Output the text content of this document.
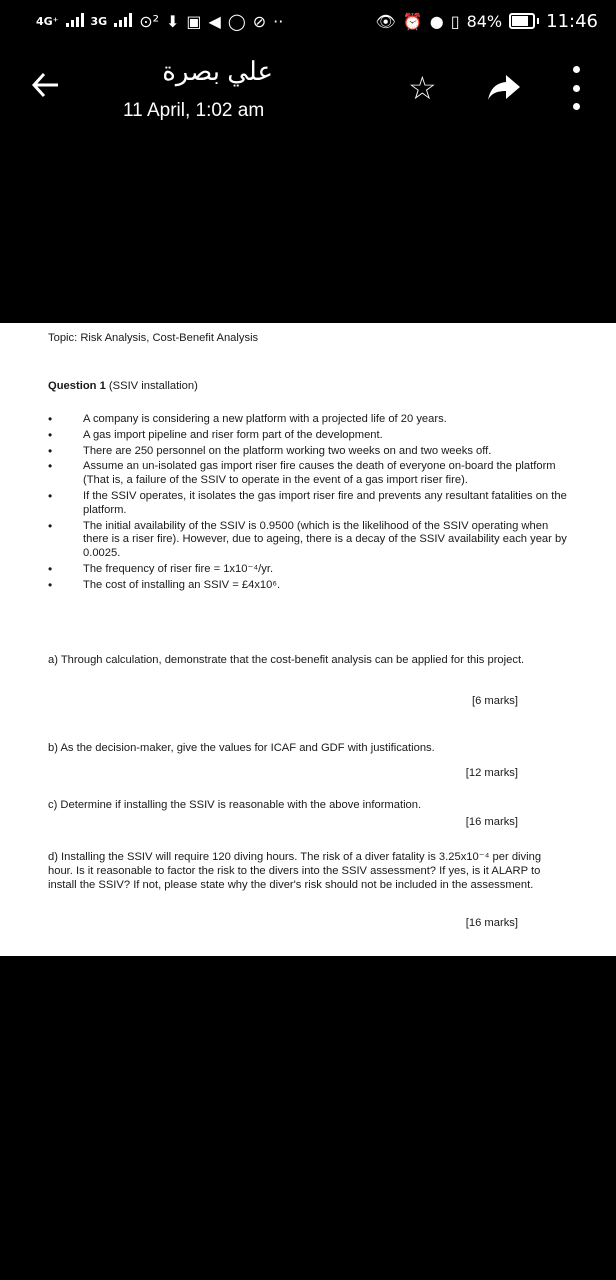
4G⁺	3G ⊙² ⬇ ▣ ◀ ◯ ⊘ ··	👁 ⏰ ● ▯ 84% 11:46
علي بصرة
11 April, 1:02 am
☆
Topic: Risk Analysis, Cost-Benefit Analysis
Question 1 (SSIV installation)
• A company is considering a new platform with a projected life of 20 years.
• A gas import pipeline and riser form part of the development.
• There are 250 personnel on the platform working two weeks on and two weeks off.
• Assume an un-isolated gas import riser fire causes the death of everyone on-board the platform (That is, a failure of the SSIV to operate in the event of a gas import riser fire).
• If the SSIV operates, it isolates the gas import riser fire and prevents any resultant fatalities on the platform.
• The initial availability of the SSIV is 0.9500 (which is the likelihood of the SSIV operating when there is a riser fire). However, due to ageing, there is a decay of the SSIV availability each year by 0.0025.
• The frequency of riser fire = 1x10⁻⁴/yr.
• The cost of installing an SSIV = £4x10⁶.
a) Through calculation, demonstrate that the cost-benefit analysis can be applied for this project.
[6 marks]
b) As the decision-maker, give the values for ICAF and GDF with justifications.
[12 marks]
c) Determine if installing the SSIV is reasonable with the above information.
[16 marks]
d) Installing the SSIV will require 120 diving hours. The risk of a diver fatality is 3.25x10⁻⁴ per diving hour. Is it reasonable to factor the risk to the divers into the SSIV assessment? If yes, is it ALARP to install the SSIV? If not, please state why the diver's risk should not be included in the assessment.
[16 marks]
